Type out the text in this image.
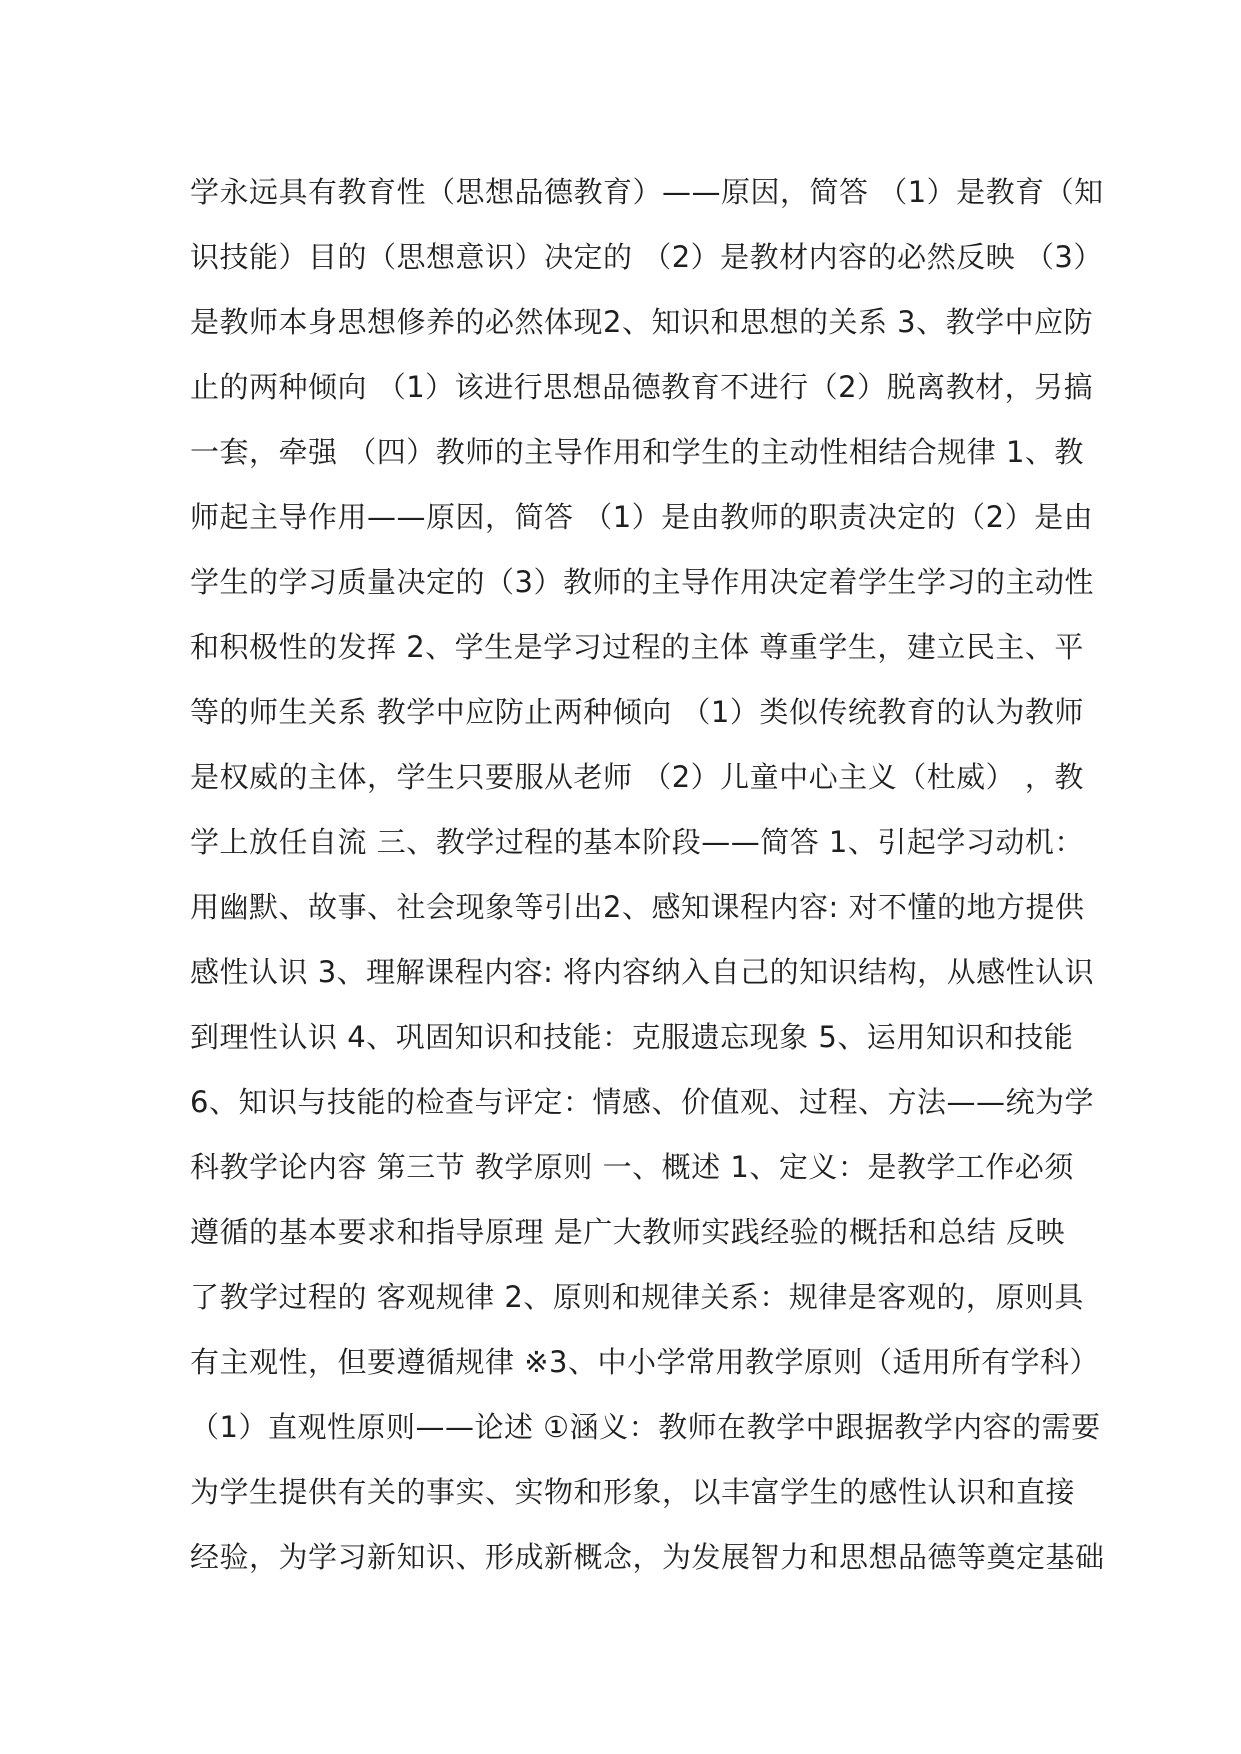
学永远具有教育性（思想品德教育）——原因，简答 （1）是教育（知
识技能）目的（思想意识）决定的 （2）是教材内容的必然反映 （3）
是教师本身思想修养的必然体现2、知识和思想的关系 3、教学中应防
止的两种倾向 （1）该进行思想品德教育不进行（2）脱离教材，另搞
一套，牵强 （四）教师的主导作用和学生的主动性相结合规律 1、教
师起主导作用——原因，简答 （1）是由教师的职责决定的（2）是由
学生的学习质量决定的（3）教师的主导作用决定着学生学习的主动性
和积极性的发挥 2、学生是学习过程的主体 尊重学生，建立民主、平
等的师生关系 教学中应防止两种倾向 （1）类似传统教育的认为教师
是权威的主体，学生只要服从老师 （2）儿童中心主义（杜威） ，教
学上放任自流 三、教学过程的基本阶段——简答 1、引起学习动机：
用幽默、故事、社会现象等引出2、感知课程内容: 对不懂的地方提供
感性认识 3、理解课程内容: 将内容纳入自己的知识结构，从感性认识
到理性认识 4、巩固知识和技能：克服遗忘现象 5、运用知识和技能
6、知识与技能的检查与评定：情感、价值观、过程、方法——统为学
科教学论内容 第三节 教学原则 一、概述 1、定义：是教学工作必须
遵循的基本要求和指导原理 是广大教师实践经验的概括和总结 反映
了教学过程的 客观规律 2、原则和规律关系：规律是客观的，原则具
有主观性，但要遵循规律 ※3、中小学常用教学原则（适用所有学科）
（1）直观性原则——论述 ①涵义：教师在教学中跟据教学内容的需要
为学生提供有关的事实、实物和形象，以丰富学生的感性认识和直接
经验，为学习新知识、形成新概念，为发展智力和思想品德等奠定基础
